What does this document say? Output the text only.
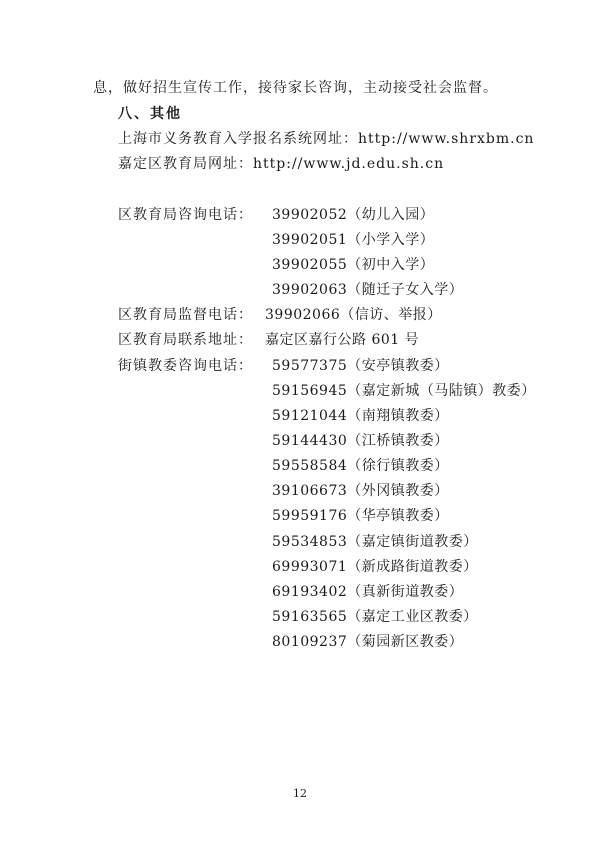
息，做好招生宣传工作，接待家长咨询，主动接受社会监督。
八、其他
上海市义务教育入学报名系统网址：http://www.shrxbm.cn
嘉定区教育局网址：http://www.jd.edu.sh.cn
区教育局咨询电话： 39902052（幼儿入园）
39902051（小学入学）
39902055（初中入学）
39902063（随迁子女入学）
区教育局监督电话： 39902066（信访、举报）
区教育局联系地址： 嘉定区嘉行公路 601 号
街镇教委咨询电话： 59577375（安亭镇教委）
59156945（嘉定新城（马陆镇）教委）
59121044（南翔镇教委）
59144430（江桥镇教委）
59558584（徐行镇教委）
39106673（外冈镇教委）
59959176（华亭镇教委）
59534853（嘉定镇街道教委）
69993071（新成路街道教委）
69193402（真新街道教委）
59163565（嘉定工业区教委）
80109237（菊园新区教委）
12
